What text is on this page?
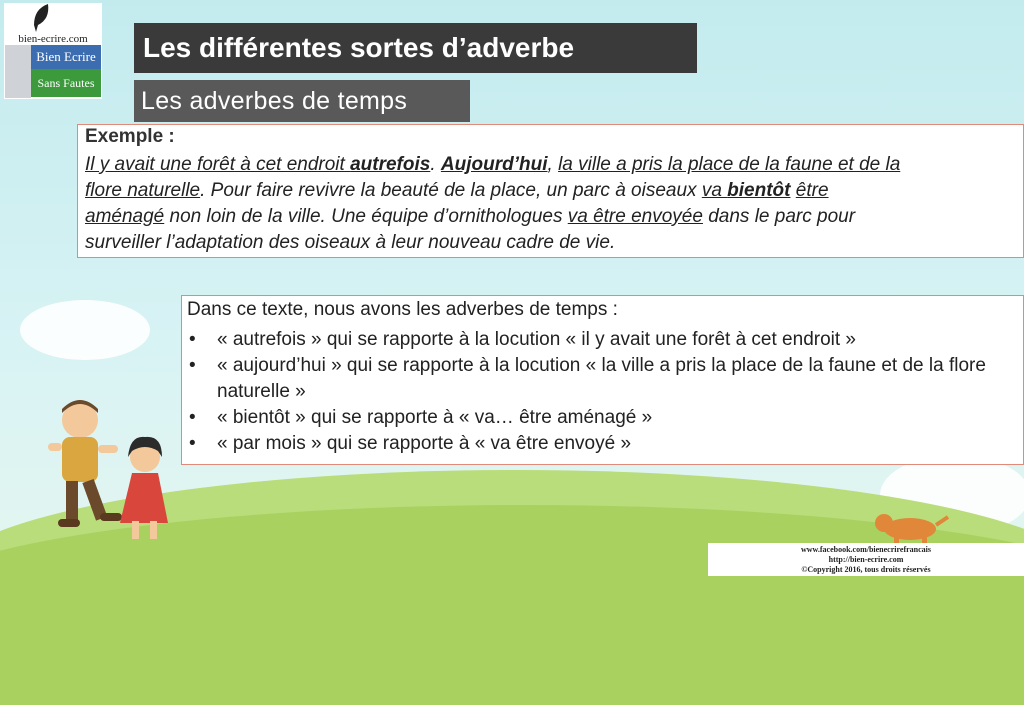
bien-ecrire.com
Bien Ecrire
Sans Fautes
Les différentes sortes d’adverbe
Les adverbes de temps
Exemple :
Il y avait une forêt à cet endroit autrefois. Aujourd’hui, la ville a pris la place de la faune et de la
flore naturelle. Pour faire revivre la beauté de la place, un parc à oiseaux va bientôt être
aménagé non loin de la ville. Une équipe d’ornithologues va être envoyée dans le parc pour
surveiller l’adaptation des oiseaux à leur nouveau cadre de vie.
Dans ce texte, nous avons les adverbes de temps :
• « autrefois » qui se rapporte à la locution « il y avait une forêt à cet endroit »
• « aujourd’hui » qui se rapporte à la locution « la ville a pris la place de la faune et de la flore naturelle »
• « bientôt » qui se rapporte à « va… être aménagé »
• « par mois » qui se rapporte à « va être envoyé »
www.facebook.com/bienecrirefrancais
http://bien-ecrire.com
©Copyright 2016, tous droits réservés
